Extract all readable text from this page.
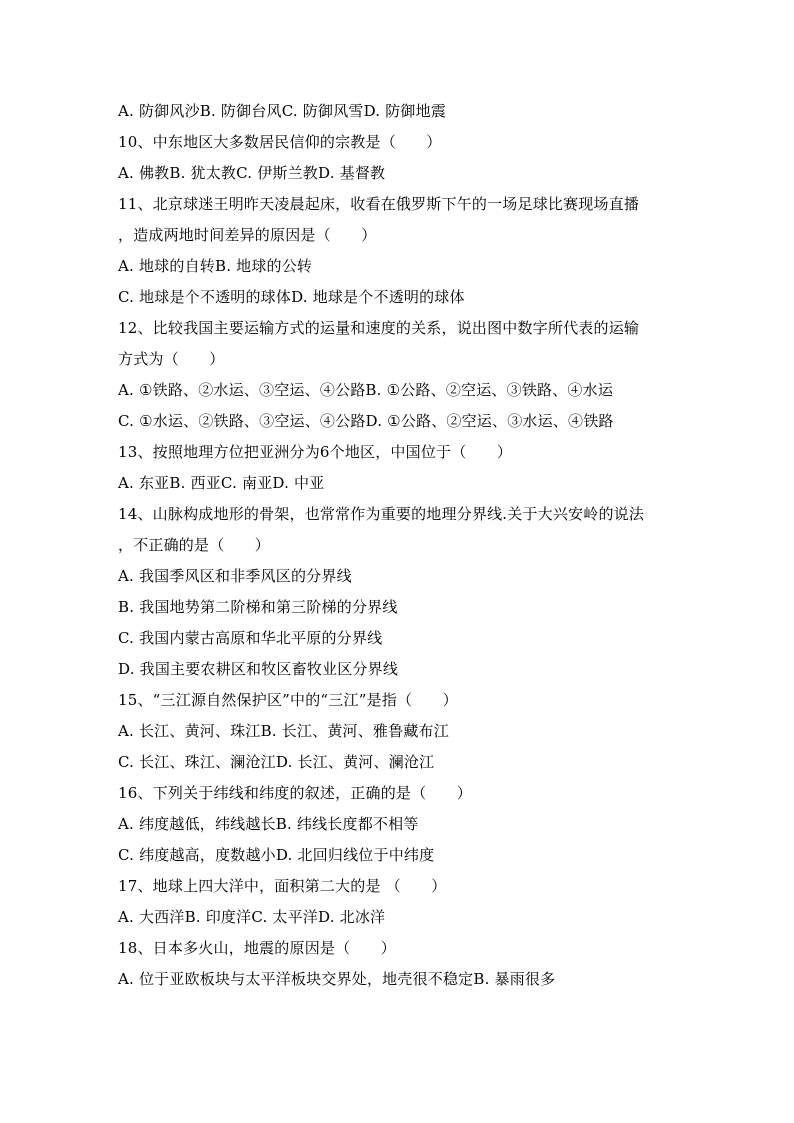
A. 防御风沙B. 防御台风C. 防御风雪D. 防御地震
10、中东地区大多数居民信仰的宗教是（　　）
A. 佛教B. 犹太教C. 伊斯兰教D. 基督教
11、北京球迷王明昨天凌晨起床，收看在俄罗斯下午的一场足球比赛现场直播
，造成两地时间差异的原因是（　　）
A. 地球的自转B. 地球的公转
C. 地球是个不透明的球体D. 地球是个不透明的球体
12、比较我国主要运输方式的运量和速度的关系，说出图中数字所代表的运输
方式为（　　）
A. ①铁路、②水运、③空运、④公路B. ①公路、②空运、③铁路、④水运
C. ①水运、②铁路、③空运、④公路D. ①公路、②空运、③水运、④铁路
13、按照地理方位把亚洲分为6个地区，中国位于（　　）
A. 东亚B. 西亚C. 南亚D. 中亚
14、山脉构成地形的骨架，也常常作为重要的地理分界线.关于大兴安岭的说法
，不正确的是（　　）
A. 我国季风区和非季风区的分界线
B. 我国地势第二阶梯和第三阶梯的分界线
C. 我国内蒙古高原和华北平原的分界线
D. 我国主要农耕区和牧区畜牧业区分界线
15、“三江源自然保护区”中的“三江”是指（　　）
A. 长江、黄河、珠江B. 长江、黄河、雅鲁藏布江
C. 长江、珠江、澜沧江D. 长江、黄河、澜沧江
16、下列关于纬线和纬度的叙述，正确的是（　　）
A. 纬度越低，纬线越长B. 纬线长度都不相等
C. 纬度越高，度数越小D. 北回归线位于中纬度
17、地球上四大洋中，面积第二大的是 （　　）
A. 大西洋B. 印度洋C. 太平洋D. 北冰洋
18、日本多火山，地震的原因是（　　）
A. 位于亚欧板块与太平洋板块交界处，地壳很不稳定B. 暴雨很多
